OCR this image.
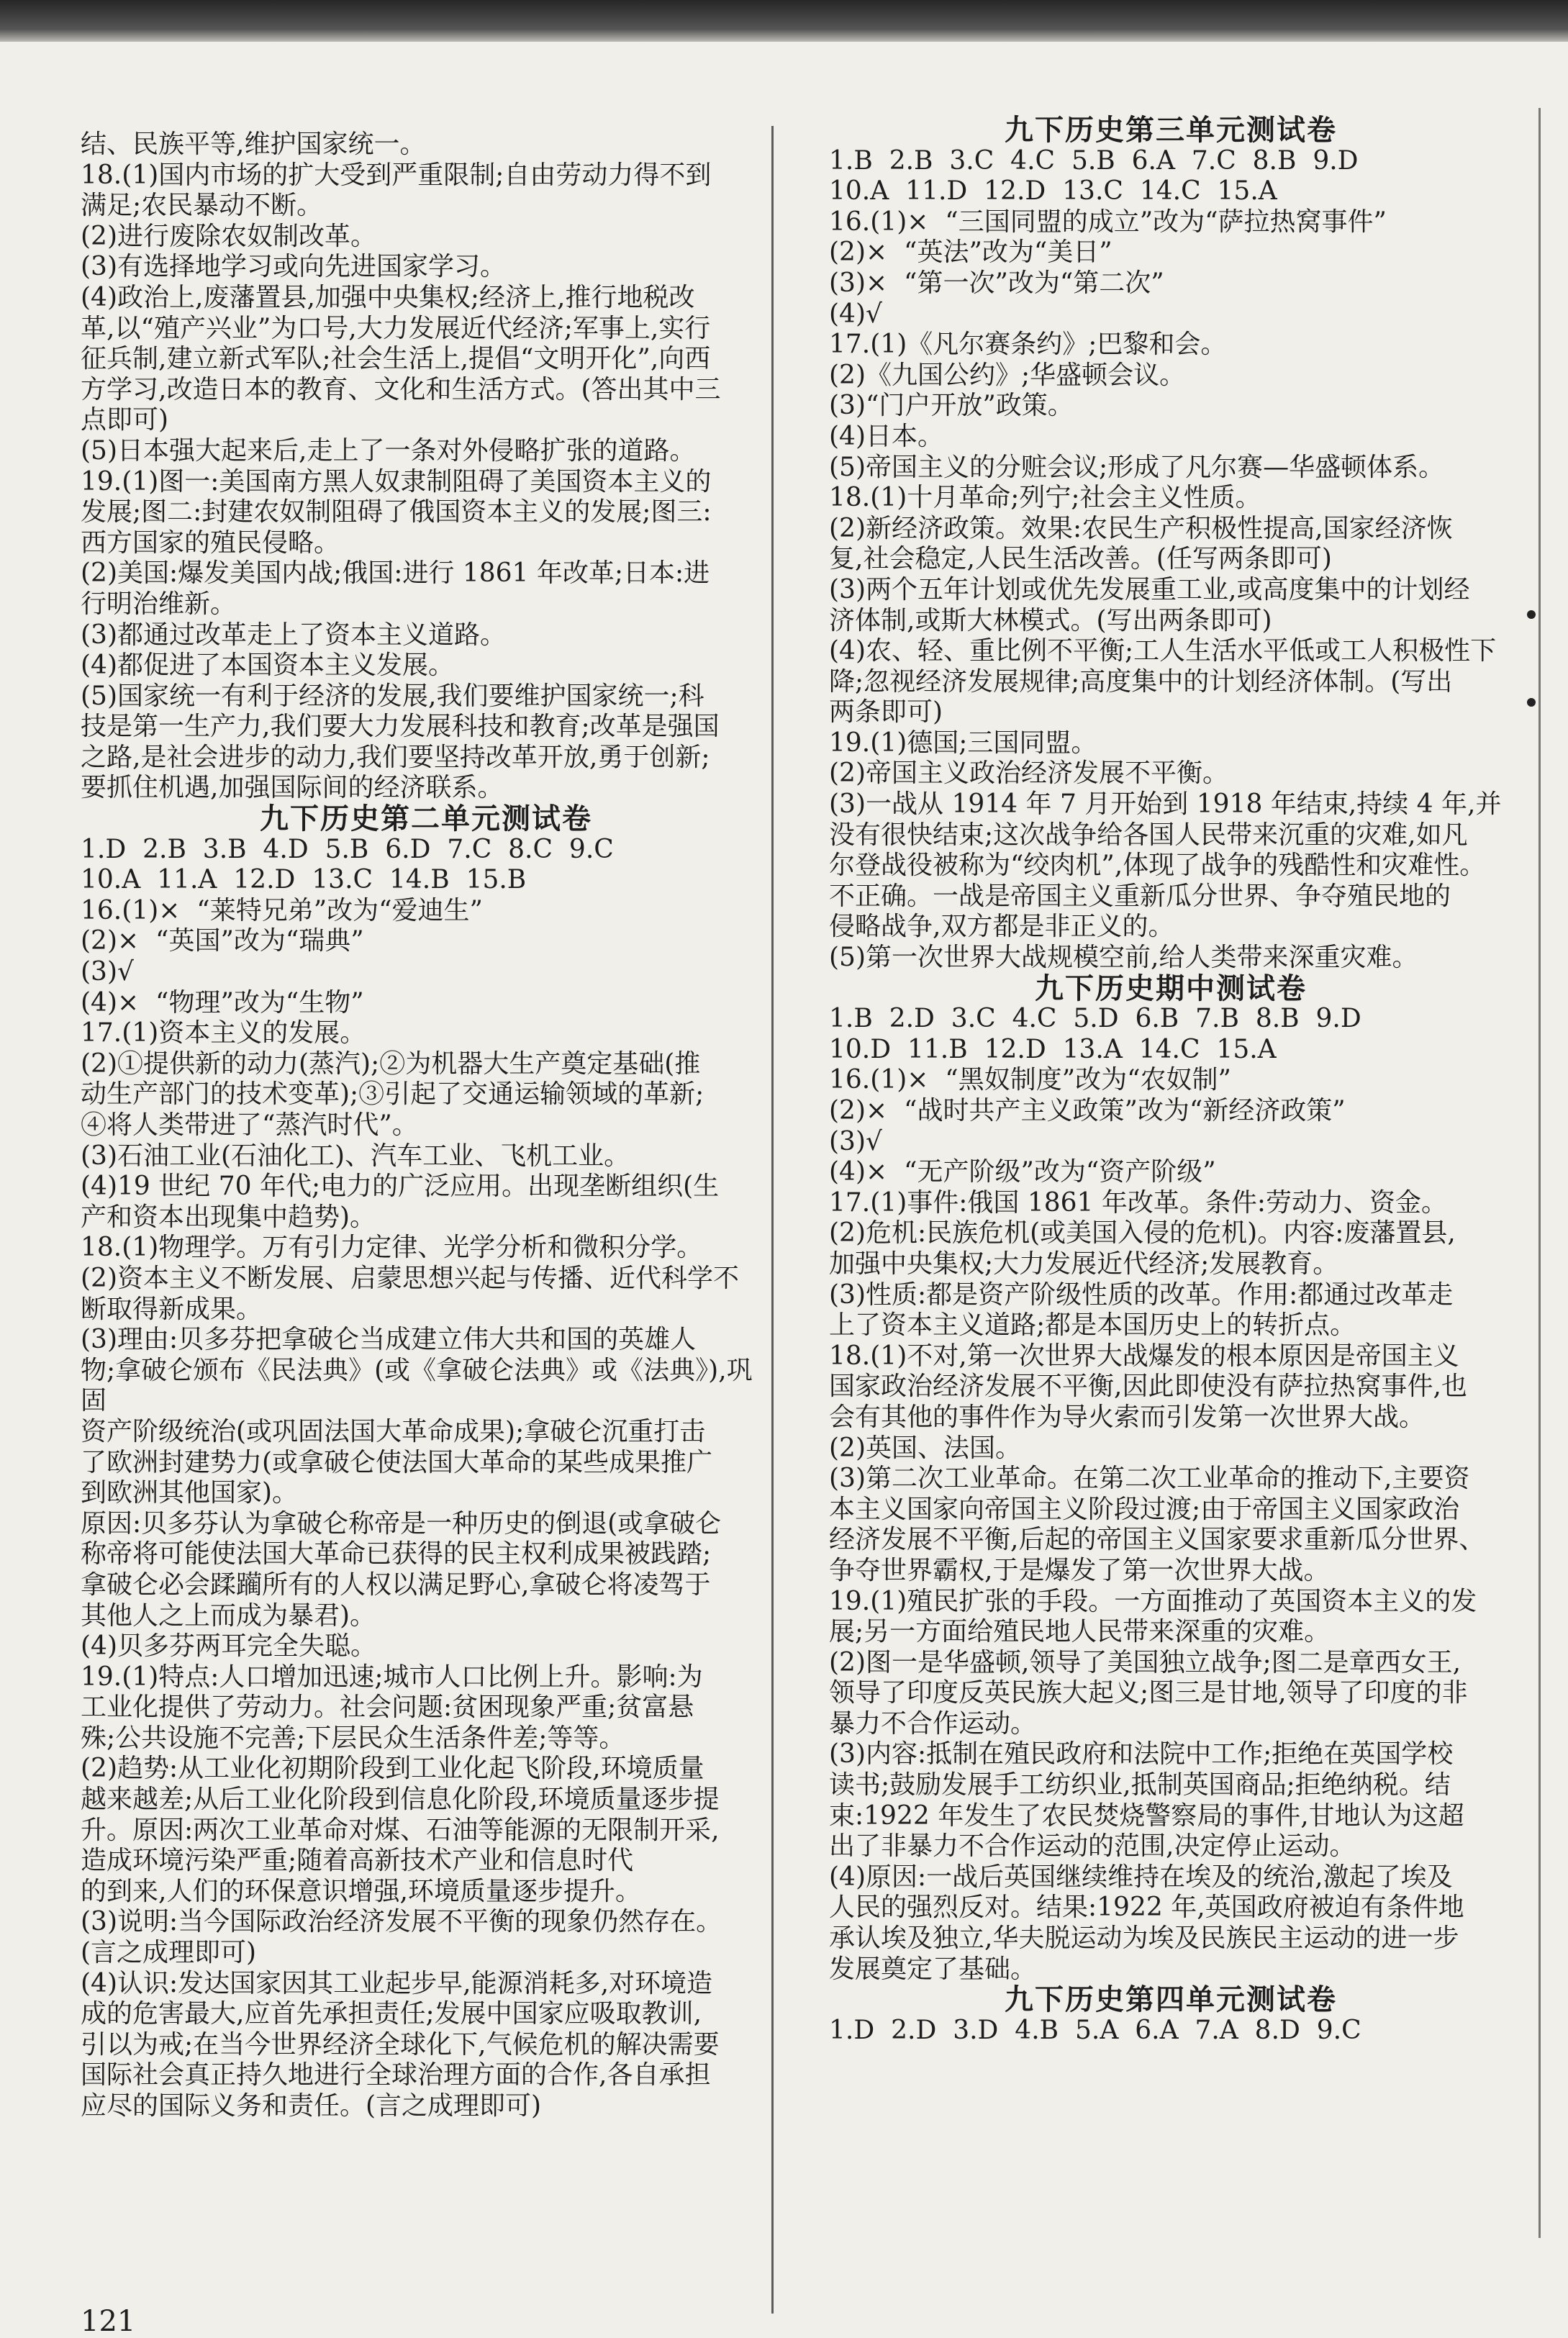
结、民族平等,维护国家统一。
18.(1)国内市场的扩大受到严重限制;自由劳动力得不到
满足;农民暴动不断。
(2)进行废除农奴制改革。
(3)有选择地学习或向先进国家学习。
(4)政治上,废藩置县,加强中央集权;经济上,推行地税改
革,以“殖产兴业”为口号,大力发展近代经济;军事上,实行
征兵制,建立新式军队;社会生活上,提倡“文明开化”,向西
方学习,改造日本的教育、文化和生活方式。(答出其中三
点即可)
(5)日本强大起来后,走上了一条对外侵略扩张的道路。
19.(1)图一:美国南方黑人奴隶制阻碍了美国资本主义的
发展;图二:封建农奴制阻碍了俄国资本主义的发展;图三:
西方国家的殖民侵略。
(2)美国:爆发美国内战;俄国:进行 1861 年改革;日本:进
行明治维新。
(3)都通过改革走上了资本主义道路。
(4)都促进了本国资本主义发展。
(5)国家统一有利于经济的发展,我们要维护国家统一;科
技是第一生产力,我们要大力发展科技和教育;改革是强国
之路,是社会进步的动力,我们要坚持改革开放,勇于创新;
要抓住机遇,加强国际间的经济联系。
九下历史第二单元测试卷
1.D  2.B  3.B  4.D  5.B  6.D  7.C  8.C  9.C
10.A  11.A  12.D  13.C  14.B  15.B
16.(1)×  “莱特兄弟”改为“爱迪生”
(2)×  “英国”改为“瑞典”
(3)√
(4)×  “物理”改为“生物”
17.(1)资本主义的发展。
(2)①提供新的动力(蒸汽);②为机器大生产奠定基础(推
动生产部门的技术变革);③引起了交通运输领域的革新;
④将人类带进了“蒸汽时代”。
(3)石油工业(石油化工)、汽车工业、飞机工业。
(4)19 世纪 70 年代;电力的广泛应用。出现垄断组织(生
产和资本出现集中趋势)。
18.(1)物理学。万有引力定律、光学分析和微积分学。
(2)资本主义不断发展、启蒙思想兴起与传播、近代科学不
断取得新成果。
(3)理由:贝多芬把拿破仑当成建立伟大共和国的英雄人
物;拿破仑颁布《民法典》(或《拿破仑法典》或《法典》),巩固
资产阶级统治(或巩固法国大革命成果);拿破仑沉重打击
了欧洲封建势力(或拿破仑使法国大革命的某些成果推广
到欧洲其他国家)。
原因:贝多芬认为拿破仑称帝是一种历史的倒退(或拿破仑
称帝将可能使法国大革命已获得的民主权利成果被践踏;
拿破仑必会蹂躏所有的人权以满足野心,拿破仑将凌驾于
其他人之上而成为暴君)。
(4)贝多芬两耳完全失聪。
19.(1)特点:人口增加迅速;城市人口比例上升。影响:为
工业化提供了劳动力。社会问题:贫困现象严重;贫富悬
殊;公共设施不完善;下层民众生活条件差;等等。
(2)趋势:从工业化初期阶段到工业化起飞阶段,环境质量
越来越差;从后工业化阶段到信息化阶段,环境质量逐步提
升。原因:两次工业革命对煤、石油等能源的无限制开采,
造成环境污染严重;随着高新技术产业和信息时代
的到来,人们的环保意识增强,环境质量逐步提升。
(3)说明:当今国际政治经济发展不平衡的现象仍然存在。
(言之成理即可)
(4)认识:发达国家因其工业起步早,能源消耗多,对环境造
成的危害最大,应首先承担责任;发展中国家应吸取教训,
引以为戒;在当今世界经济全球化下,气候危机的解决需要
国际社会真正持久地进行全球治理方面的合作,各自承担
应尽的国际义务和责任。(言之成理即可)
九下历史第三单元测试卷
1.B  2.B  3.C  4.C  5.B  6.A  7.C  8.B  9.D
10.A  11.D  12.D  13.C  14.C  15.A
16.(1)×  “三国同盟的成立”改为“萨拉热窝事件”
(2)×  “英法”改为“美日”
(3)×  “第一次”改为“第二次”
(4)√
17.(1)《凡尔赛条约》;巴黎和会。
(2)《九国公约》;华盛顿会议。
(3)“门户开放”政策。
(4)日本。
(5)帝国主义的分赃会议;形成了凡尔赛—华盛顿体系。
18.(1)十月革命;列宁;社会主义性质。
(2)新经济政策。效果:农民生产积极性提高,国家经济恢
复,社会稳定,人民生活改善。(任写两条即可)
(3)两个五年计划或优先发展重工业,或高度集中的计划经
济体制,或斯大林模式。(写出两条即可)
(4)农、轻、重比例不平衡;工人生活水平低或工人积极性下
降;忽视经济发展规律;高度集中的计划经济体制。(写出
两条即可)
19.(1)德国;三国同盟。
(2)帝国主义政治经济发展不平衡。
(3)一战从 1914 年 7 月开始到 1918 年结束,持续 4 年,并
没有很快结束;这次战争给各国人民带来沉重的灾难,如凡
尔登战役被称为“绞肉机”,体现了战争的残酷性和灾难性。
不正确。一战是帝国主义重新瓜分世界、争夺殖民地的
侵略战争,双方都是非正义的。
(5)第一次世界大战规模空前,给人类带来深重灾难。
九下历史期中测试卷
1.B  2.D  3.C  4.C  5.D  6.B  7.B  8.B  9.D
10.D  11.B  12.D  13.A  14.C  15.A
16.(1)×  “黑奴制度”改为“农奴制”
(2)×  “战时共产主义政策”改为“新经济政策”
(3)√
(4)×  “无产阶级”改为“资产阶级”
17.(1)事件:俄国 1861 年改革。条件:劳动力、资金。
(2)危机:民族危机(或美国入侵的危机)。内容:废藩置县,
加强中央集权;大力发展近代经济;发展教育。
(3)性质:都是资产阶级性质的改革。作用:都通过改革走
上了资本主义道路;都是本国历史上的转折点。
18.(1)不对,第一次世界大战爆发的根本原因是帝国主义
国家政治经济发展不平衡,因此即使没有萨拉热窝事件,也
会有其他的事件作为导火索而引发第一次世界大战。
(2)英国、法国。
(3)第二次工业革命。在第二次工业革命的推动下,主要资
本主义国家向帝国主义阶段过渡;由于帝国主义国家政治
经济发展不平衡,后起的帝国主义国家要求重新瓜分世界、
争夺世界霸权,于是爆发了第一次世界大战。
19.(1)殖民扩张的手段。一方面推动了英国资本主义的发
展;另一方面给殖民地人民带来深重的灾难。
(2)图一是华盛顿,领导了美国独立战争;图二是章西女王,
领导了印度反英民族大起义;图三是甘地,领导了印度的非
暴力不合作运动。
(3)内容:抵制在殖民政府和法院中工作;拒绝在英国学校
读书;鼓励发展手工纺织业,抵制英国商品;拒绝纳税。结
束:1922 年发生了农民焚烧警察局的事件,甘地认为这超
出了非暴力不合作运动的范围,决定停止运动。
(4)原因:一战后英国继续维持在埃及的统治,激起了埃及
人民的强烈反对。结果:1922 年,英国政府被迫有条件地
承认埃及独立,华夫脱运动为埃及民族民主运动的进一步
发展奠定了基础。
九下历史第四单元测试卷
1.D  2.D  3.D  4.B  5.A  6.A  7.A  8.D  9.C
121
